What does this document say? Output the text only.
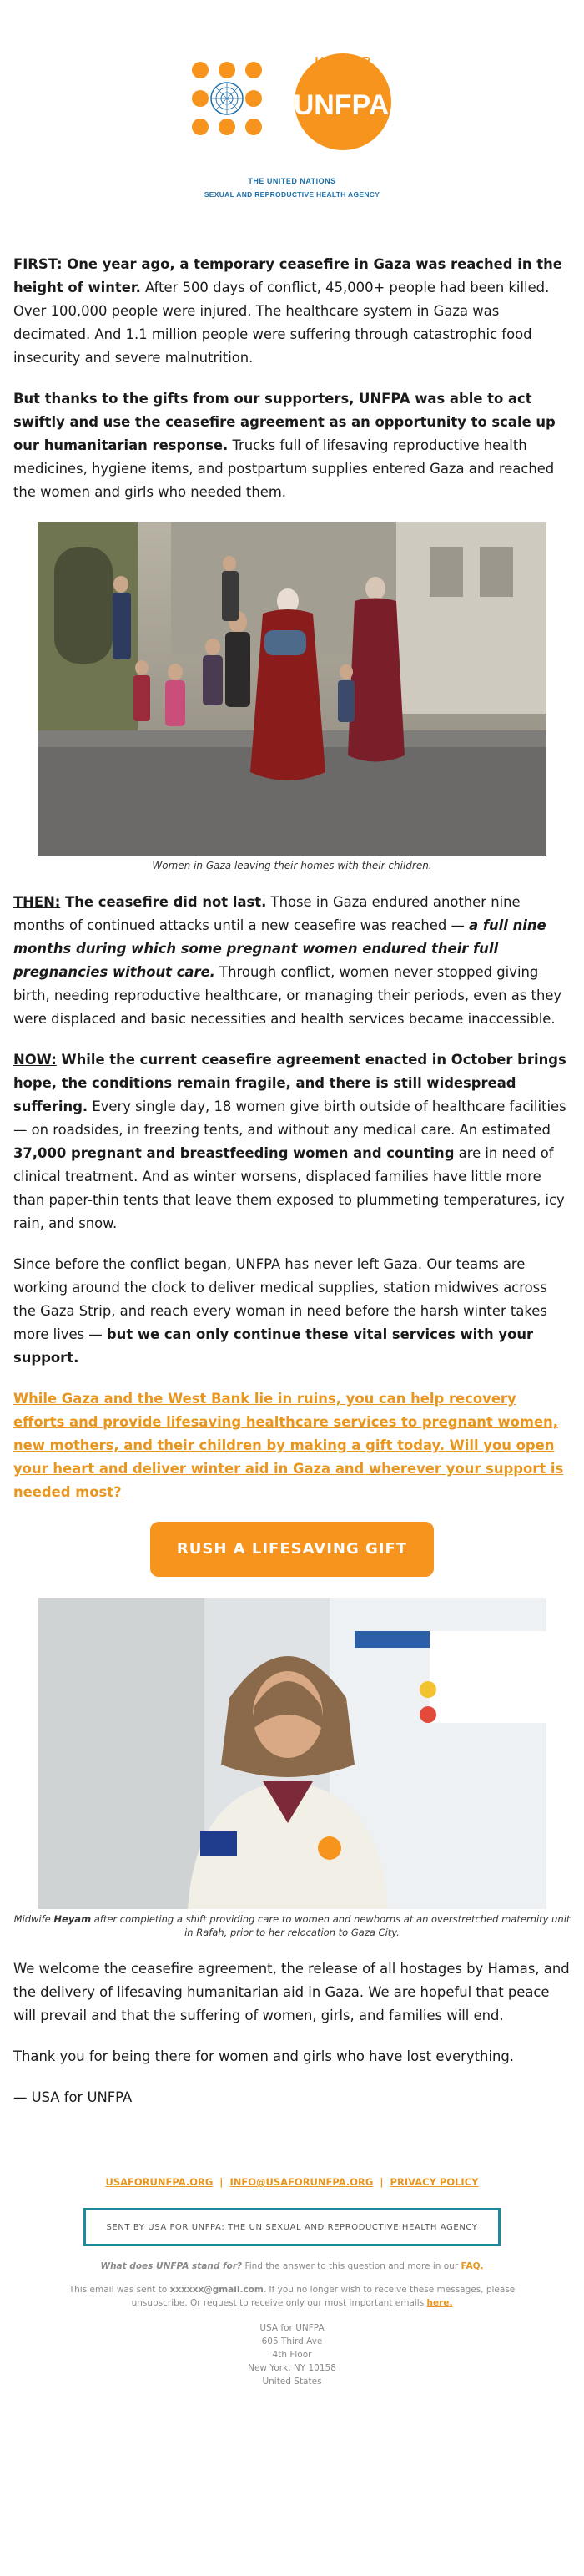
USA FOR
UNFPA
THE UNITED NATIONS
SEXUAL AND REPRODUCTIVE HEALTH AGENCY

FIRST: One year ago, a temporary ceasefire in Gaza was reached in the height of winter. After 500 days of conflict, 45,000+ people had been killed. Over 100,000 people were injured. The healthcare system in Gaza was decimated. And 1.1 million people were suffering through catastrophic food insecurity and severe malnutrition.

But thanks to the gifts from our supporters, UNFPA was able to act swiftly and use the ceasefire agreement as an opportunity to scale up our humanitarian response. Trucks full of lifesaving reproductive health medicines, hygiene items, and postpartum supplies entered Gaza and reached the women and girls who needed them.

Women in Gaza leaving their homes with their children.

THEN: The ceasefire did not last. Those in Gaza endured another nine months of continued attacks until a new ceasefire was reached — a full nine months during which some pregnant women endured their full pregnancies without care. Through conflict, women never stopped giving birth, needing reproductive healthcare, or managing their periods, even as they were displaced and basic necessities and health services became inaccessible.

NOW: While the current ceasefire agreement enacted in October brings hope, the conditions remain fragile, and there is still widespread suffering. Every single day, 18 women give birth outside of healthcare facilities — on roadsides, in freezing tents, and without any medical care. An estimated 37,000 pregnant and breastfeeding women and counting are in need of clinical treatment. And as winter worsens, displaced families have little more than paper-thin tents that leave them exposed to plummeting temperatures, icy rain, and snow.

Since before the conflict began, UNFPA has never left Gaza. Our teams are working around the clock to deliver medical supplies, station midwives across the Gaza Strip, and reach every woman in need before the harsh winter takes more lives — but we can only continue these vital services with your support.

While Gaza and the West Bank lie in ruins, you can help recovery efforts and provide lifesaving healthcare services to pregnant women, new mothers, and their children by making a gift today. Will you open your heart and deliver winter aid in Gaza and wherever your support is needed most?

RUSH A LIFESAVING GIFT
Midwife Heyam after completing a shift providing care to women and newborns at an overstretched maternity unit in Rafah, prior to her relocation to Gaza City.

We welcome the ceasefire agreement, the release of all hostages by Hamas, and the delivery of lifesaving humanitarian aid in Gaza. We are hopeful that peace will prevail and that the suffering of women, girls, and families will end.

Thank you for being there for women and girls who have lost everything.

— USA for UNFPA

USAFORUNFPA.ORG | INFO@USAFORUNFPA.ORG | PRIVACY POLICY
SENT BY USA FOR UNFPA: THE UN SEXUAL AND REPRODUCTIVE HEALTH AGENCY
What does UNFPA stand for? Find the answer to this question and more in our FAQ.
This email was sent to xxxxxx@gmail.com. If you no longer wish to receive these messages, please unsubscribe. Or request to receive only our most important emails here.
USA for UNFPA
605 Third Ave
4th Floor
New York, NY 10158
United States
